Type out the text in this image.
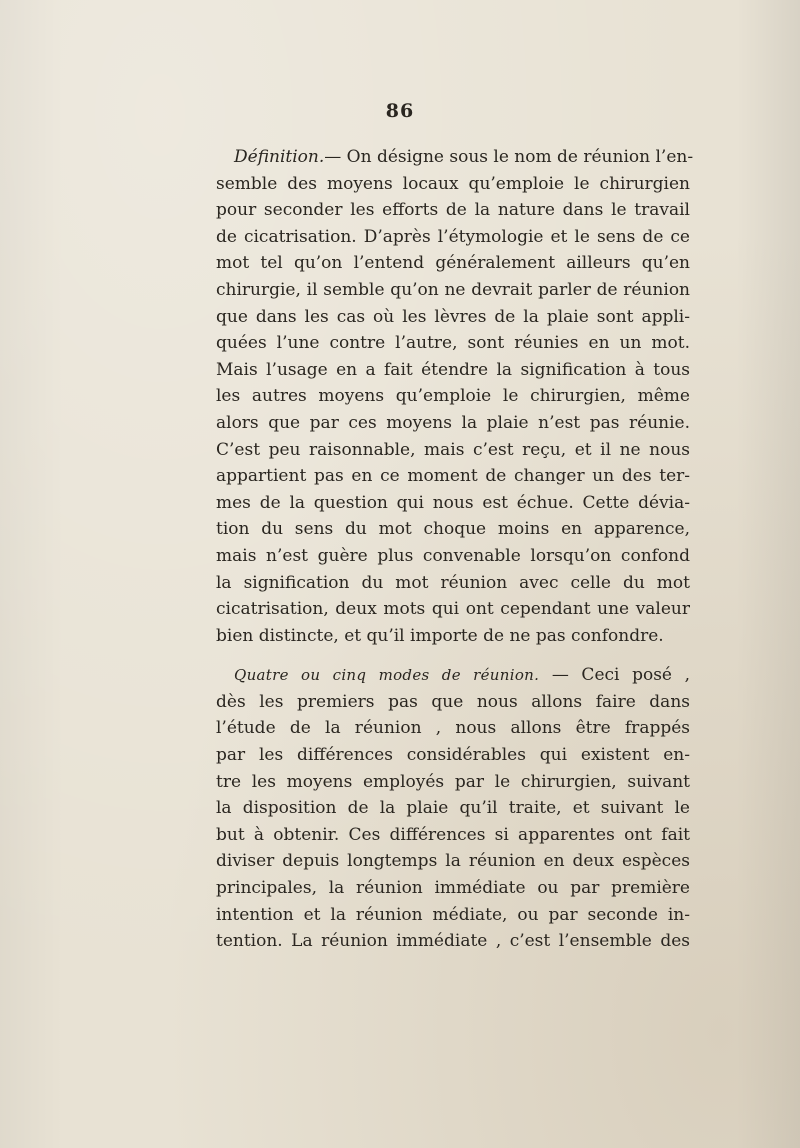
86
Définition.— On désigne sous le nom de réunion l’en-
semble des moyens locaux qu’emploie le chirurgien
pour seconder les efforts de la nature dans le travail
de cicatrisation. D’après l’étymologie et le sens de ce
mot tel qu’on l’entend généralement ailleurs qu’en
chirurgie, il semble qu’on ne devrait parler de réunion
que dans les cas où les lèvres de la plaie sont appli-
quées l’une contre l’autre, sont réunies en un mot.
Mais l’usage en a fait étendre la signification à tous
les autres moyens qu’emploie le chirurgien, même
alors que par ces moyens la plaie n’est pas réunie.
C’est peu raisonnable, mais c’est reçu, et il ne nous
appartient pas en ce moment de changer un des ter-
mes de la question qui nous est échue. Cette dévia-
tion du sens du mot choque moins en apparence,
mais n’est guère plus convenable lorsqu’on confond
la signification du mot réunion avec celle du mot
cicatrisation, deux mots qui ont cependant une valeur
bien distincte, et qu’il importe de ne pas confondre.
Quatre ou cinq modes de réunion. — Ceci posé ,
dès les premiers pas que nous allons faire dans
l’étude de la réunion , nous allons être frappés
par les différences considérables qui existent en-
tre les moyens employés par le chirurgien, suivant
la disposition de la plaie qu’il traite, et suivant le
but à obtenir. Ces différences si apparentes ont fait
diviser depuis longtemps la réunion en deux espèces
principales, la réunion immédiate ou par première
intention et la réunion médiate, ou par seconde in-
tention. La réunion immédiate , c’est l’ensemble des
